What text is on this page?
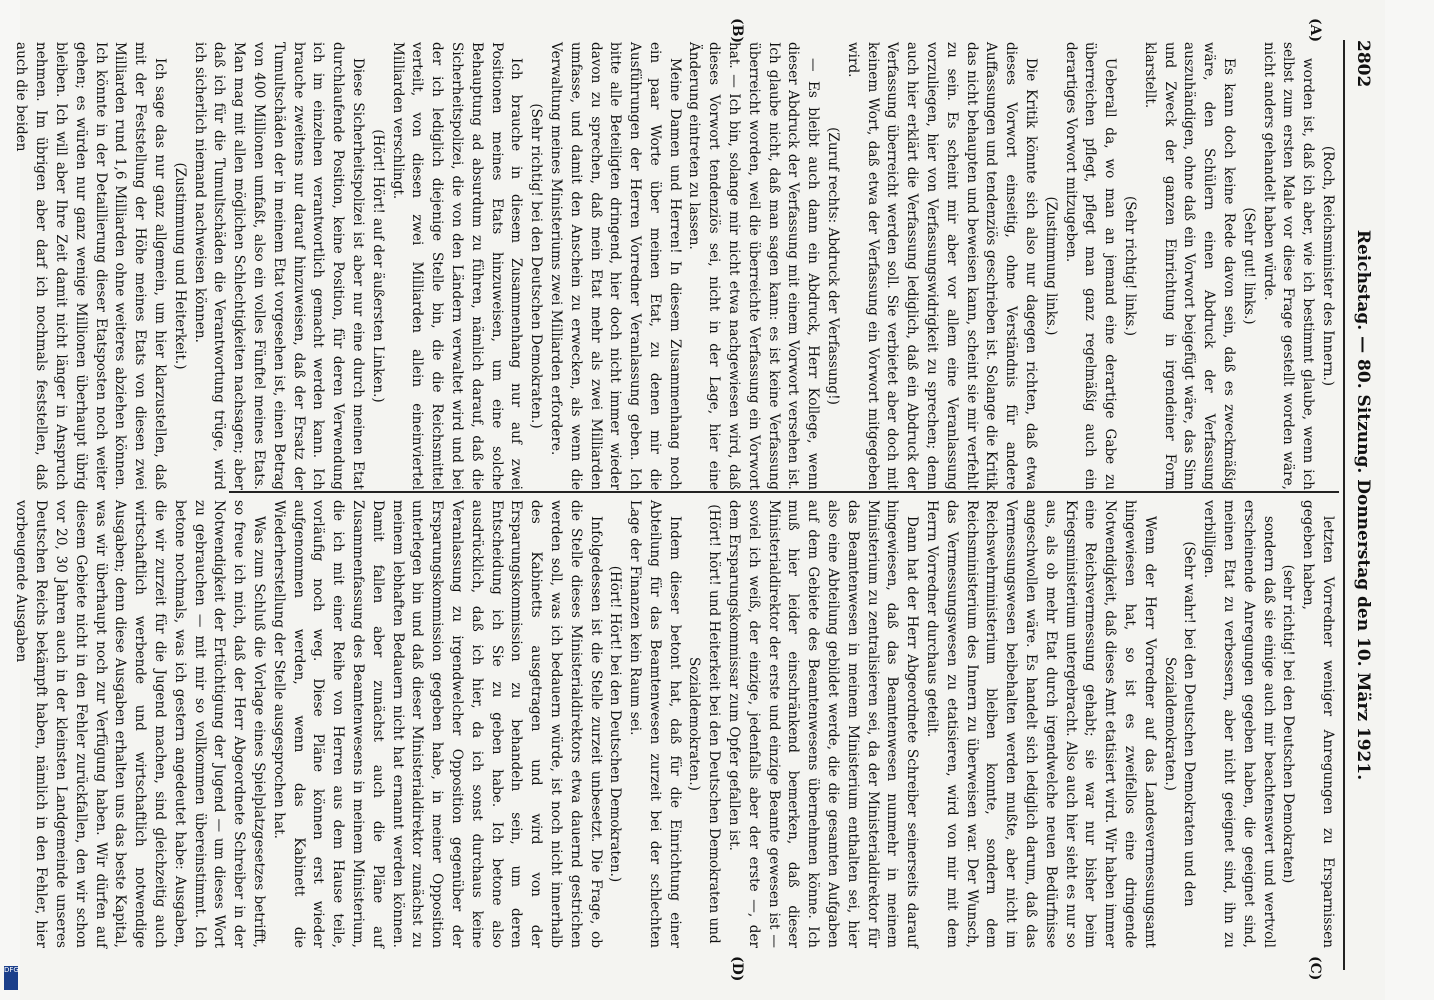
DFG
2802
Reichstag. — 80. Sitzung. Donnerstag den 10. März 1921.
(A)
(B)
(C)
(D)

(Roch, Reichsminister des Innern.)

worden ist, daß ich aber, wie ich bestimmt glaube, wenn ich selbst zum ersten Male vor diese Frage gestellt worden wäre, nicht anders gehandelt haben würde.

(Sehr gut! links.)

Es kann doch keine Rede davon sein, daß es zweckmäßig wäre, den Schülern einen Abdruck der Verfassung auszuhändigen, ohne daß ein Vorwort beigefügt wäre, das Sinn und Zweck der ganzen Einrichtung in irgendeiner Form klarstellt.

(Sehr richtig! links.)

Ueberall da, wo man an jemand eine derartige Gabe zu überreichen pflegt, pflegt man ganz regelmäßig auch ein derartiges Vorwort mitzugeben.

(Zustimmung links.)

Die Kritik könnte sich also nur dagegen richten, daß etwa dieses Vorwort einseitig, ohne Verständnis für andere Auffassungen und tendenziös geschrieben ist. Solange die Kritik das nicht behaupten und beweisen kann, scheint sie mir verfehlt zu sein. Es scheint mir aber vor allem eine Veranlassung vorzuliegen, hier von Verfassungswidrigkeit zu sprechen; denn auch hier erklärt die Verfassung lediglich, daß ein Abdruck der Verfassung überreicht werden soll. Sie verbietet aber doch mit keinem Wort, daß etwa der Verfassung ein Vorwort mitgegeben wird.

(Zuruf rechts: Abdruck der Verfassung!)

— Es bleibt auch dann ein Abdruck, Herr Kollege, wenn dieser Abdruck der Verfassung mit einem Vorwort versehen ist. Ich glaube nicht, daß man sagen kann: es ist keine Verfassung überreicht worden, weil die überreichte Verfassung ein Vorwort hat. — Ich bin, solange mir nicht etwa nachgewiesen wird, daß dieses Vorwort tendenziös sei, nicht in der Lage, hier eine Änderung eintreten zu lassen.

Meine Damen und Herren! In diesem Zusammenhang noch ein paar Worte über meinen Etat, zu denen mir die Ausführungen der Herren Vorredner Veranlassung geben. Ich bitte alle Beteiligten dringend, hier doch nicht immer wieder davon zu sprechen, daß mein Etat mehr als zwei Milliarden umfasse, und damit den Anschein zu erwecken, als wenn die Verwaltung meines Ministeriums zwei Milliarden erfordere.

(Sehr richtig! bei den Deutschen Demokraten.)

Ich brauche in diesem Zusammenhang nur auf zwei Positionen meines Etats hinzuweisen, um eine solche Behauptung ad absurdum zu führen, nämlich darauf, daß die Sicherheitspolizei, die von den Ländern verwaltet wird und bei der ich lediglich diejenige Stelle bin, die die Reichsmittel verteilt, von diesen zwei Milliarden allein eineinviertel Milliarden verschlingt.

(Hört! Hört! auf der äußersten Linken.)

Diese Sicherheitspolizei ist aber nur eine durch meinen Etat durchlaufende Position, keine Position, für deren Verwendung ich im einzelnen verantwortlich gemacht werden kann. Ich brauche zweitens nur darauf hinzuweisen, daß der Ersatz der Tumultschäden der in meinem Etat vorgesehen ist, einen Betrag von 400 Millionen umfaßt, also ein volles Fünftel meines Etats. Man mag mit allen möglichen Schlechtigkeiten nachsagen; aber daß ich für die Tumultschäden die Verantwortung trüge, wird ich sicherlich niemand nachweisen können.

(Zustimmung und Heiterkeit.)

Ich sage das nur ganz allgemein, um hier klarzustellen, daß mit der Feststellung der Höhe meines Etats von diesen zwei Milliarden rund 1,6 Milliarden ohne weiteres abziehen können. Ich könnte in der Detaillierung dieser Etatsposten noch weiter gehen; es würden nur ganz wenige Millionen überhaupt übrig bleiben. Ich will aber Ihre Zeit damit nicht länger in Anspruch nehmen. Im übrigen aber darf ich nochmals feststellen, daß auch die beiden

letzten Vorredner weniger Anregungen zu Ersparnissen gegeben haben,

(sehr richtig! bei den Deutschen Demokraten)

sondern daß sie einige auch mir beachtenswert und wertvoll erscheinende Anregungen gegeben haben, die geeignet sind, meinen Etat zu verbessern, aber nicht geeignet sind, ihn zu verbilligen.

(Sehr wahr! bei den Deutschen Demokraten und den Sozialdemokraten.)

Wenn der Herr Vorredner auf das Landesvermessungsamt hingewiesen hat, so ist es zweifellos eine dringende Notwendigkeit, daß dieses Amt etatisiert wird. Wir haben immer eine Reichsvermessung gehabt; sie war nur bisher beim Kriegsministerium untergebracht. Also auch hier sieht es nur so aus, als ob mehr Etat durch irgendwelche neuen Bedürfnisse angeschwollen wäre. Es handelt sich lediglich darum, daß das Vermessungswesen beibehalten werden mußte, aber nicht im Reichswehrministerium bleiben konnte, sondern dem Reichsministerium des Innern zu überweisen war. Der Wunsch, das Vermessungswesen zu etatisieren, wird von mir mit dem Herrn Vorredner durchaus geteilt.

Dann hat der Herr Abgeordnete Schreiber seinerseits darauf hingewiesen, daß das Beamtenwesen nunmehr in meinem Ministerium zu zentralisieren sei, da der Ministerialdirektor für das Beamtenwesen in meinem Ministerium enthalten sei, hier also eine Abteilung gebildet werde, die die gesamten Aufgaben auf dem Gebiete des Beamtenwesens übernehmen könne. Ich muß hier leider einschränkend bemerken, daß dieser Ministerialdirektor der erste und einzige Beamte gewesen ist — soviel ich weiß, der einzige, jedenfalls aber der erste —, der dem Ersparungskommissar zum Opfer gefallen ist.

(Hört! hört! und Heiterkeit bei den Deutschen Demokraten und Sozialdemokraten.)

Indem dieser betont hat, daß für die Einrichtung einer Abteilung für das Beamtenwesen zurzeit bei der schlechten Lage der Finanzen kein Raum sei.

(Hört! Hört! bei den Deutschen Demokraten.)

Infolgedessen ist die Stelle zurzeit unbesetzt. Die Frage, ob die Stelle dieses Ministerialdirektors etwa dauernd gestrichen werden soll, was ich bedauern würde, ist noch nicht innerhalb des Kabinetts ausgetragen und wird von der Ersparungskommission zu behandeln sein, um deren Entscheidung ich Sie zu geben habe. Ich betone also ausdrücklich, daß ich hier, da ich sonst durchaus keine Veranlassung zu irgendwelcher Opposition gegenüber der Ersparungskommission gegeben habe, in meiner Opposition unterlegen bin und daß dieser Ministerialdirektor zunächst zu meinem lebhaften Bedauern nicht hat ernannt werden können. Damit fallen aber zunächst auch die Pläne auf Zusammenfassung des Beamtenwesens in meinem Ministerium, die ich mit einer Reihe von Herren aus dem Hause teile, vorläufig noch weg. Diese Pläne können erst wieder aufgenommen werden, wenn das Kabinett die Wiederherstellung der Stelle ausgesprochen hat.

Was zum Schluß die Vorlage eines Spielplatzgesetzes betrifft, so freue ich mich, daß der Herr Abgeordnete Schreiber in der Notwendigkeit der Ertüchtigung der Jugend — um dieses Wort zu gebrauchen — mit mir so vollkommen übereinstimmt. Ich betone nochmals, was ich gestern angedeutet habe: Ausgaben, die wir zurzeit für die Jugend machen, sind gleichzeitig auch wirtschaftlich werbende und wirtschaftlich notwendige Ausgaben; denn diese Ausgaben erhalten uns das beste Kapital, was wir überhaupt noch zur Verfügung haben. Wir dürfen auf diesem Gebiete nicht in den Fehler zurückfallen, den wir schon vor 20, 30 Jahren auch in der kleinsten Landgemeinde unseres Deutschen Reichs bekämpft haben, nämlich in den Fehler, hier vorbeugende Ausgaben
